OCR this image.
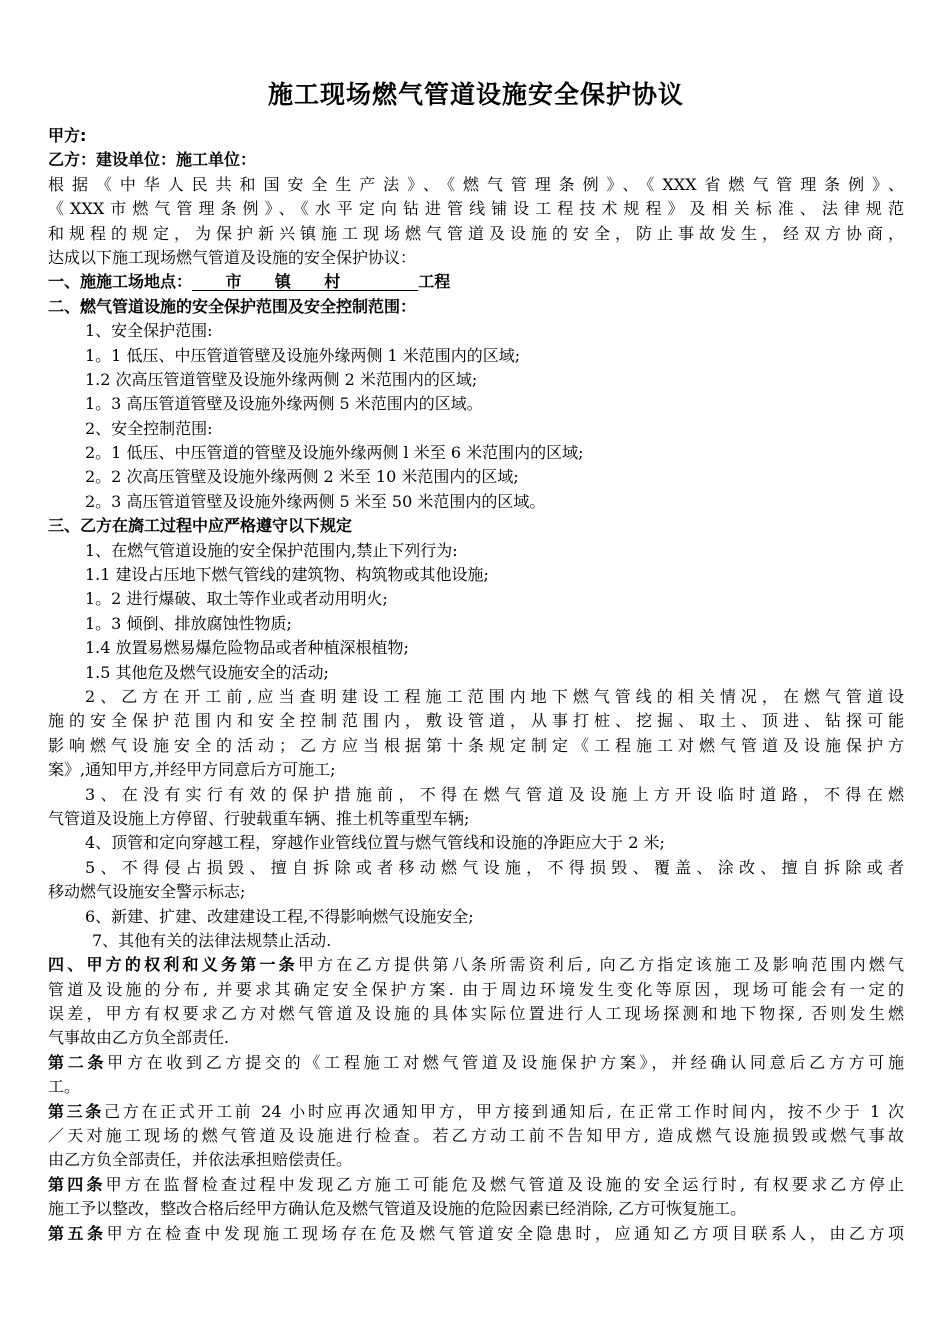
施工现场燃气管道设施安全保护协议
甲方:
乙方：建设单位：施工单位：
根据《中华人民共和国安全生产法》、《燃气管理条例》、《XXX省燃气管理条例》、
《XXX市燃气管理条例》、《水平定向钻进管线铺设工程技术规程》及相关标准、法律规范
和规程的规定，为保护新兴镇施工现场燃气管道及设施的安全，防止事故发生，经双方协商，
达成以下施工现场燃气管道及设施的安全保护协议：
一、施施工场地点：      市      镇      村              工程
二、燃气管道设施的安全保护范围及安全控制范围：
1、安全保护范围:
1。1 低压、中压管道管壁及设施外缘两侧 1 米范围内的区域;
1.2 次高压管道管壁及设施外缘两侧 2 米范围内的区域;
1。3 高压管道管壁及设施外缘两侧 5 米范围内的区域。
2、安全控制范围:
2。1 低压、中压管道的管壁及设施外缘两侧 l 米至 6 米范围内的区域;
2。2 次高压管壁及设施外缘两侧 2 米至 10 米范围内的区域;
2。3 高压管道管壁及设施外缘两侧 5 米至 50 米范围内的区域。
三、乙方在旖工过程中应严格遵守以下规定
1、在燃气管道设施的安全保护范围内,禁止下列行为:
1.1 建设占压地下燃气管线的建筑物、构筑物或其他设施;
1。2 进行爆破、取土等作业或者动用明火;
1。3 倾倒、排放腐蚀性物质;
1.4 放置易燃易爆危险物品或者种植深根植物;
1.5 其他危及燃气设施安全的活动;
2、乙方在开工前,应当查明建设工程施工范围内地下燃气管线的相关情况，在燃气管道设
施的安全保护范围内和安全控制范围内，敷设管道，从事打桩、挖掘、取土、顶进、钻探可能
影响燃气设施安全的活动；乙方应当根据第十条规定制定《工程施工对燃气管道及设施保护方
案》,通知甲方,并经甲方同意后方可施工;
3、在没有实行有效的保护措施前，不得在燃气管道及设施上方开设临时道路，不得在燃
气管道及设施上方停留、行驶载重车辆、推土机等重型车辆;
4、顶管和定向穿越工程，穿越作业管线位置与燃气管线和设施的净距应大于 2 米;
5、不得侵占损毁、擅自拆除或者移动燃气设施，不得损毁、覆盖、涂改、擅自拆除或者
移动燃气设施安全警示标志;
6、新建、扩建、改建建设工程,不得影响燃气设施安全;
7、其他有关的法律法规禁止活动.
四、甲方的权利和义务第一条甲方在乙方提供第八条所需资利后, 向乙方指定该施工及影响范围内燃气
管道及设施的分布, 并要求其确定安全保护方案. 由于周边环境发生变化等原因，现场可能会有一定的
误差，甲方有权要求乙方对燃气管道及设施的具体实际位置进行人工现场探测和地下物探, 否则发生燃
气事故由乙方负全部责任.
第二条甲方在收到乙方提交的《工程施工对燃气管道及设施保护方案》，并经确认同意后乙方方可施
工。
第三条己方在正式开工前 24 小时应再次通知甲方，甲方接到通知后, 在正常工作时间内，按不少于 1 次
／天对施工现场的燃气管道及设施进行检查。若乙方动工前不告知甲方, 造成燃气设施损毁或燃气事故
由乙方负全部责任，并依法承担赔偿责任。
第四条甲方在监督检查过程中发现乙方施工可能危及燃气管道及设施的安全运行时, 有权要求乙方停止
施工予以整改，整改合格后经甲方确认危及燃气管道及设施的危险因素已经消除, 乙方可恢复施工。
第五条甲方在检查中发现施工现场存在危及燃气管道安全隐患时，应通知乙方项目联系人，由乙方项
